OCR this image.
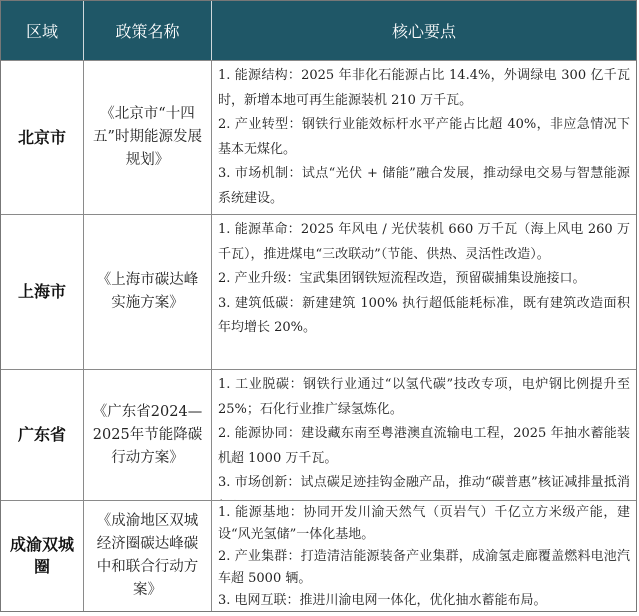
区域	政策名称	核心要点
北京市
《北京市“十四五”时期能源发展规划》

1. 能源结构：2025 年非化石能源占比 14.4%，外调绿电 300 亿千瓦时，新增本地可再生能源装机 210 万千瓦。

2. 产业转型：钢铁行业能效标杆水平产能占比超 40%，非应急情况下基本无煤化。

3. 市场机制：试点“光伏 + 储能”融合发展，推动绿电交易与智慧能源系统建设。

上海市
《上海市碳达峰实施方案》

1. 能源革命：2025 年风电 / 光伏装机 660 万千瓦（海上风电 260 万千瓦），推进煤电“三改联动”（节能、供热、灵活性改造）。

2. 产业升级：宝武集团钢铁短流程改造，预留碳捕集设施接口。

3. 建筑低碳：新建建筑 100% 执行超低能耗标准，既有建筑改造面积年均增长 20%。

广东省
《广东省2024—2025年节能降碳行动方案》

1. 工业脱碳：钢铁行业通过“以氢代碳”技改专项，电炉钢比例提升至 25%；石化行业推广绿氢炼化。

2. 能源协同：建设藏东南至粤港澳直流输电工程，2025 年抽水蓄能装机超 1000 万千瓦。

3. 市场创新：试点碳足迹挂钩金融产品，推动“碳普惠”核证减排量抵消

成渝双城圈
《成渝地区双城经济圈碳达峰碳中和联合行动方案》

1. 能源基地：协同开发川渝天然气（页岩气）千亿立方米级产能，建设“风光氢储”一体化基地。

2. 产业集群：打造清洁能源装备产业集群，成渝氢走廊覆盖燃料电池汽车超 5000 辆。

3. 电网互联：推进川渝电网一体化，优化抽水蓄能布局。
